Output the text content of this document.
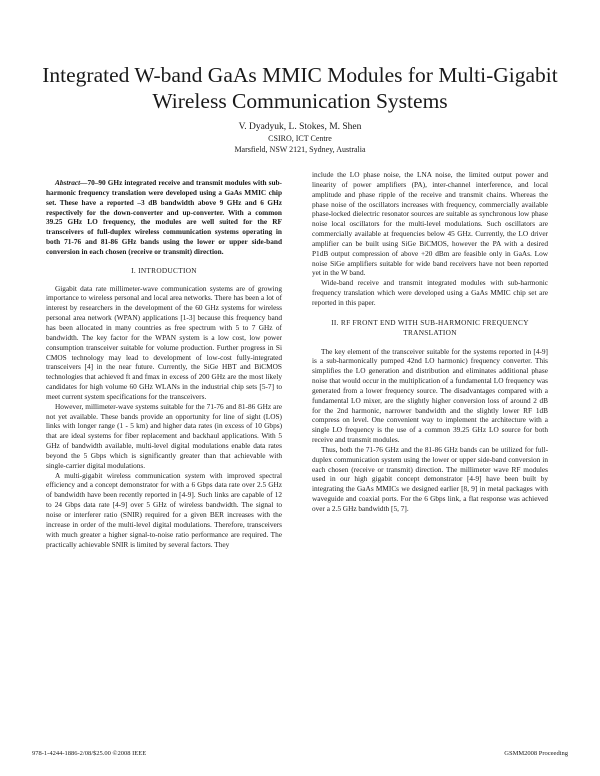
Integrated W-band GaAs MMIC Modules for Multi-Gigabit Wireless Communication Systems
V. Dyadyuk, L. Stokes, M. Shen
CSIRO, ICT Centre
Marsfield, NSW 2121, Sydney, Australia

Abstract—70–90 GHz integrated receive and transmit modules with sub-harmonic frequency translation were developed using a GaAs MMIC chip set. These have a reported –3 dB bandwidth above 9 GHz and 6 GHz respectively for the down-converter and up-converter. With a common 39.25 GHz LO frequency, the modules are well suited for the RF transceivers of full-duplex wireless communication systems operating in both 71-76 and 81-86 GHz bands using the lower or upper side-band conversion in each chosen (receive or transmit) direction.

I. INTRODUCTION

Gigabit data rate millimeter-wave communication systems are of growing importance to wireless personal and local area networks. There has been a lot of interest by researchers in the development of the 60 GHz systems for wireless personal area network (WPAN) applications [1-3] because this frequency band has been allocated in many countries as free spectrum with 5 to 7 GHz of bandwidth. The key factor for the WPAN system is a low cost, low power consumption transceiver suitable for volume production. Further progress in Si CMOS technology may lead to development of low-cost fully-integrated transceivers [4] in the near future. Currently, the SiGe HBT and BiCMOS technologies that achieved ft and fmax in excess of 200 GHz are the most likely candidates for high volume 60 GHz WLANs in the industrial chip sets [5-7] to meet current system specifications for the transceivers.

However, millimeter-wave systems suitable for the 71-76 and 81-86 GHz are not yet available. These bands provide an opportunity for line of sight (LOS) links with longer range (1 - 5 km) and higher data rates (in excess of 10 Gbps) that are ideal systems for fiber replacement and backhaul applications. With 5 GHz of bandwidth available, multi-level digital modulations enable data rates beyond the 5 Gbps which is significantly greater than that achievable with single-carrier digital modulations.

A multi-gigabit wireless communication system with improved spectral efficiency and a concept demonstrator for with a 6 Gbps data rate over 2.5 GHz of bandwidth have been recently reported in [4-9]. Such links are capable of 12 to 24 Gbps data rate [4-9] over 5 GHz of wireless bandwidth. The signal to noise or interferer ratio (SNIR) required for a given BER increases with the increase in order of the multi-level digital modulations. Therefore, transceivers with much greater a higher signal-to-noise ratio performance are required. The practically achievable SNIR is limited by several factors. They

include the LO phase noise, the LNA noise, the limited output power and linearity of power amplifiers (PA), inter-channel interference, and local amplitude and phase ripple of the receive and transmit chains. Whereas the phase noise of the oscillators increases with frequency, commercially available phase-locked dielectric resonator sources are suitable as synchronous low phase noise local oscillators for the multi-level modulations. Such oscillators are commercially available at frequencies below 45 GHz. Currently, the LO driver amplifier can be built using SiGe BiCMOS, however the PA with a desired P1dB output compression of above +20 dBm are feasible only in GaAs. Low noise SiGe amplifiers suitable for wide band receivers have not been reported yet in the W band.

Wide-band receive and transmit integrated modules with sub-harmonic frequency translation which were developed using a GaAs MMIC chip set are reported in this paper.

II. RF FRONT END WITH SUB-HARMONIC FREQUENCY TRANSLATION

The key element of the transceiver suitable for the systems reported in [4-9] is a sub-harmonically pumped 42nd LO harmonic) frequency converter. This simplifies the LO generation and distribution and eliminates additional phase noise that would occur in the multiplication of a fundamental LO frequency was generated from a lower frequency source. The disadvantages compared with a fundamental LO mixer, are the slightly higher conversion loss of around 2 dB for the 2nd harmonic, narrower bandwidth and the slightly lower RF 1dB compress on level. One convenient way to implement the architecture with a single LO frequency is the use of a common 39.25 GHz LO source for both receive and transmit modules.

Thus, both the 71-76 GHz and the 81-86 GHz bands can be utilized for full-duplex communication system using the lower or upper side-band conversion in each chosen (receive or transmit) direction. The millimeter wave RF modules used in our high gigabit concept demonstrator [4-9] have been built by integrating the GaAs MMICs we designed earlier [8, 9] in metal packages with waveguide and coaxial ports. For the 6 Gbps link, a flat response was achieved over a 2.5 GHz bandwidth [5, 7].

978-1-4244-1886-2/08/$25.00 ©2008 IEEE	GSMM2008 Proceeding
